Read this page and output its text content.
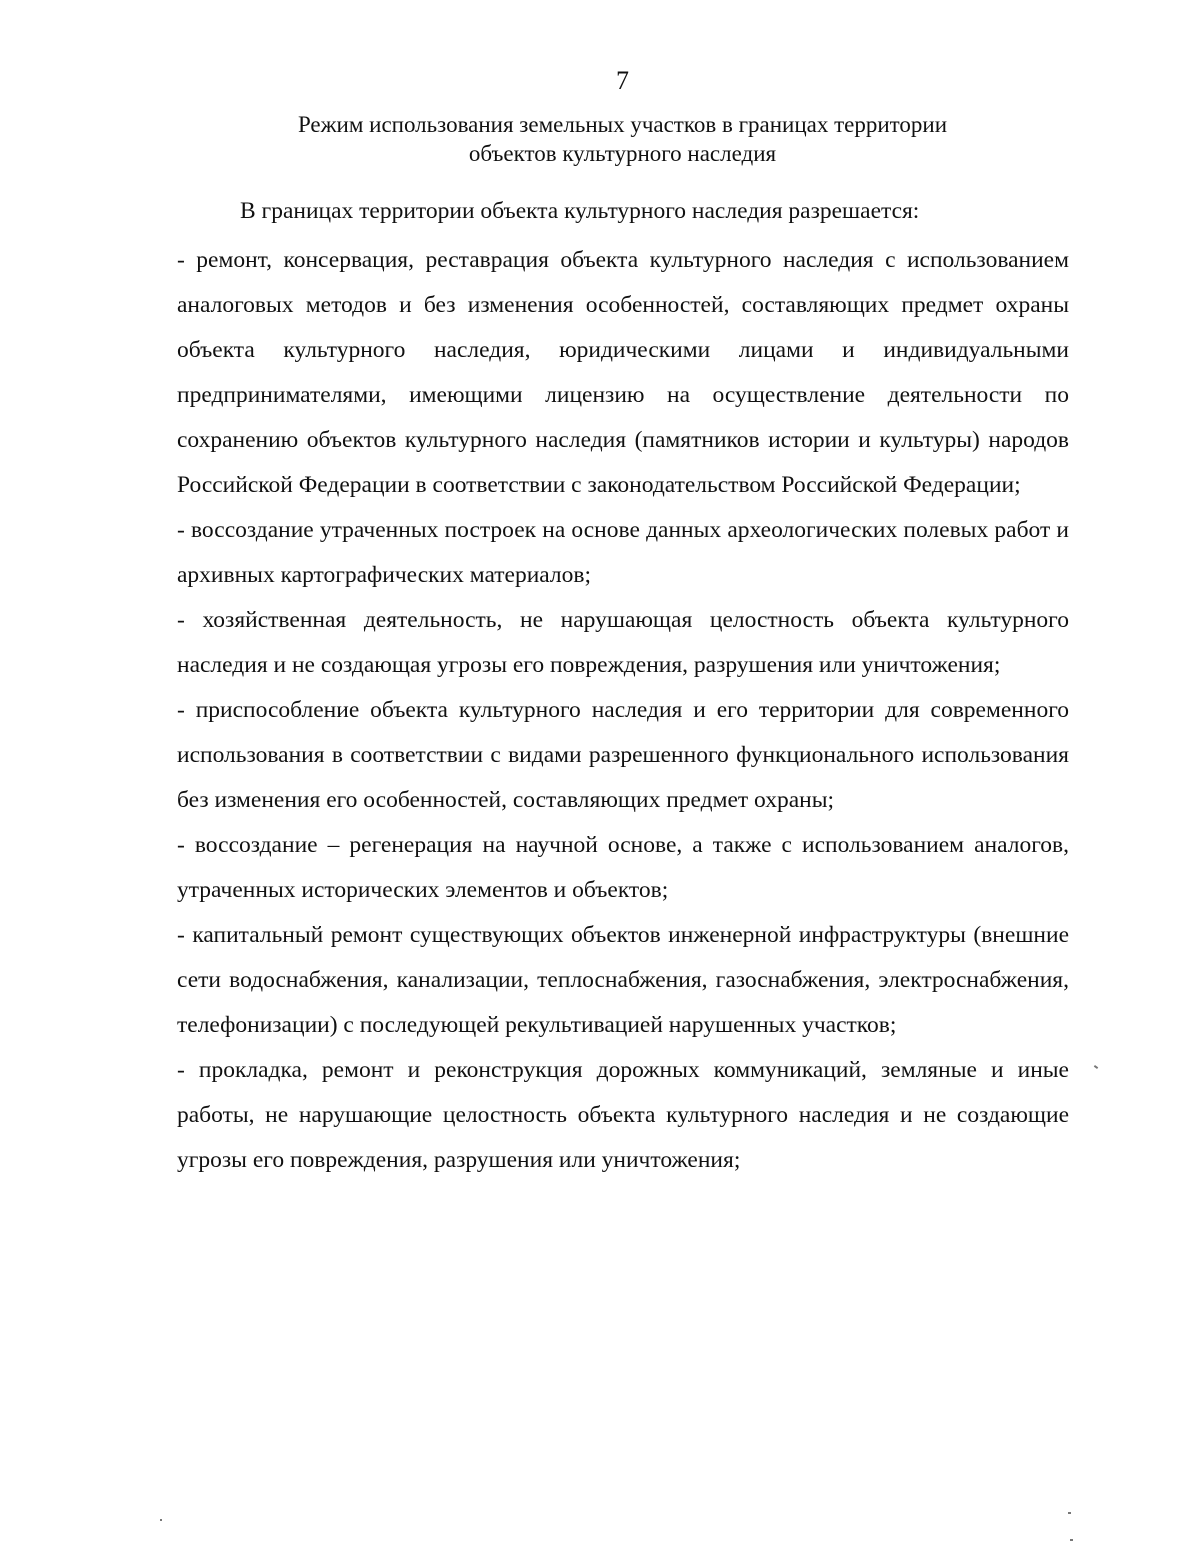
7
Режим использования земельных участков в границах территории
объектов культурного наследия
В границах территории объекта культурного наследия разрешается:

- ремонт, консервация, реставрация объекта культурного наследия с использованием аналоговых методов и без изменения особенностей, составляющих предмет охраны объекта культурного наследия, юридическими лицами и индивидуальными предпринимателями, имеющими лицензию на осуществление деятельности по сохранению объектов культурного наследия (памятников истории и культуры) народов Российской Федерации в соответствии с законодательством Российской Федерации;

- воссоздание утраченных построек на основе данных археологических полевых работ и архивных картографических материалов;

- хозяйственная деятельность, не нарушающая целостность объекта культурного наследия и не создающая угрозы его повреждения, разрушения или уничтожения;

- приспособление объекта культурного наследия и его территории для современного использования в соответствии с видами разрешенного функционального использования без изменения его особенностей, составляющих предмет охраны;

- воссоздание – регенерация на научной основе, а также с использованием аналогов, утраченных исторических элементов и объектов;

- капитальный ремонт существующих объектов инженерной инфраструктуры (внешние сети водоснабжения, канализации, теплоснабжения, газоснабжения, электроснабжения, телефонизации) с последующей рекультивацией нарушенных участков;

- прокладка, ремонт и реконструкция дорожных коммуникаций, земляные и иные работы, не нарушающие целостность объекта культурного наследия и не создающие угрозы его повреждения, разрушения или уничтожения;
